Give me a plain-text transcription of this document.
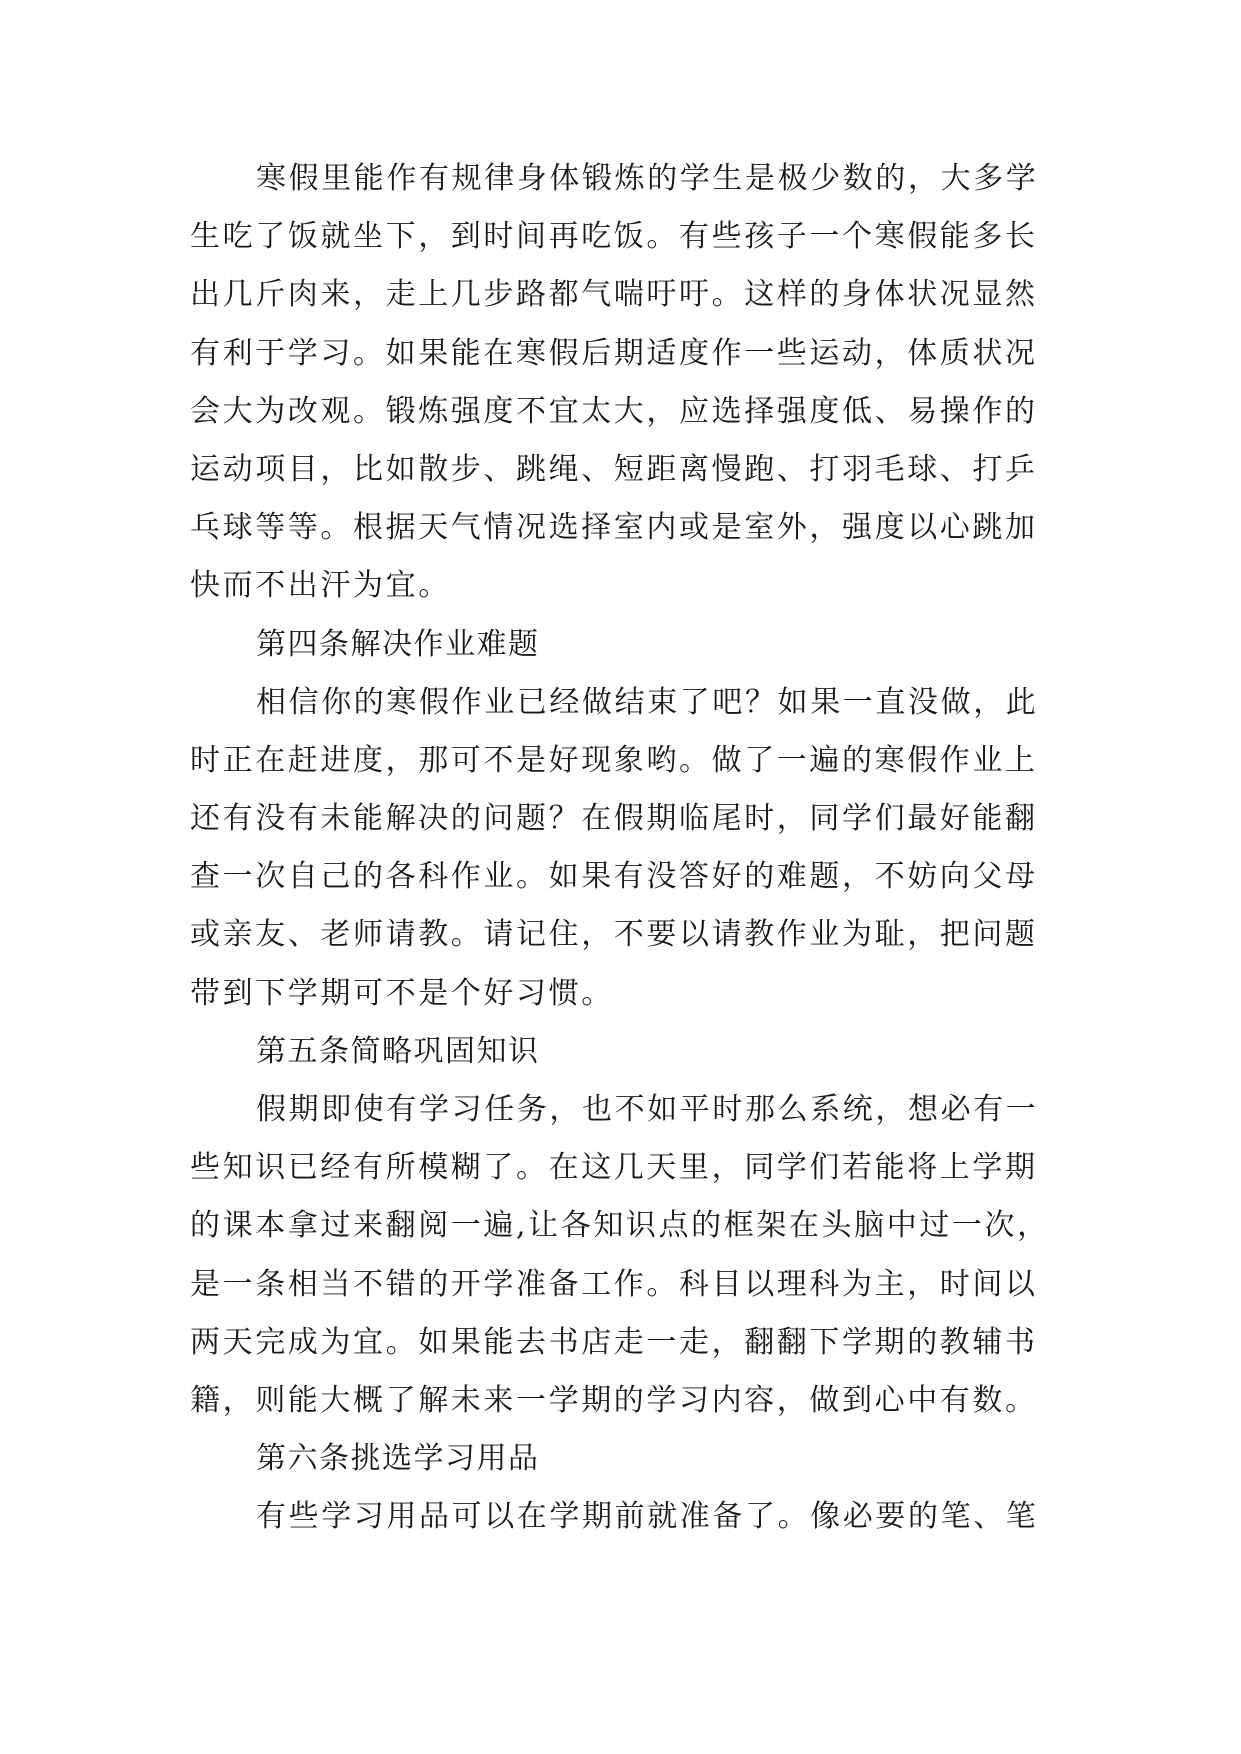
寒假里能作有规律身体锻炼的学生是极少数的，大多学
生吃了饭就坐下，到时间再吃饭。有些孩子一个寒假能多长
出几斤肉来，走上几步路都气喘吁吁。这样的身体状况显然
有利于学习。如果能在寒假后期适度作一些运动，体质状况
会大为改观。锻炼强度不宜太大，应选择强度低、易操作的
运动项目，比如散步、跳绳、短距离慢跑、打羽毛球、打乒
乓球等等。根据天气情况选择室内或是室外，强度以心跳加
快而不出汗为宜。
第四条解决作业难题
相信你的寒假作业已经做结束了吧？如果一直没做，此
时正在赶进度，那可不是好现象哟。做了一遍的寒假作业上
还有没有未能解决的问题？在假期临尾时，同学们最好能翻
查一次自己的各科作业。如果有没答好的难题，不妨向父母
或亲友、老师请教。请记住，不要以请教作业为耻，把问题
带到下学期可不是个好习惯。
第五条简略巩固知识
假期即使有学习任务，也不如平时那么系统，想必有一
些知识已经有所模糊了。在这几天里，同学们若能将上学期
的课本拿过来翻阅一遍,让各知识点的框架在头脑中过一次，
是一条相当不错的开学准备工作。科目以理科为主，时间以
两天完成为宜。如果能去书店走一走，翻翻下学期的教辅书
籍，则能大概了解未来一学期的学习内容，做到心中有数。
第六条挑选学习用品
有些学习用品可以在学期前就准备了。像必要的笔、笔
